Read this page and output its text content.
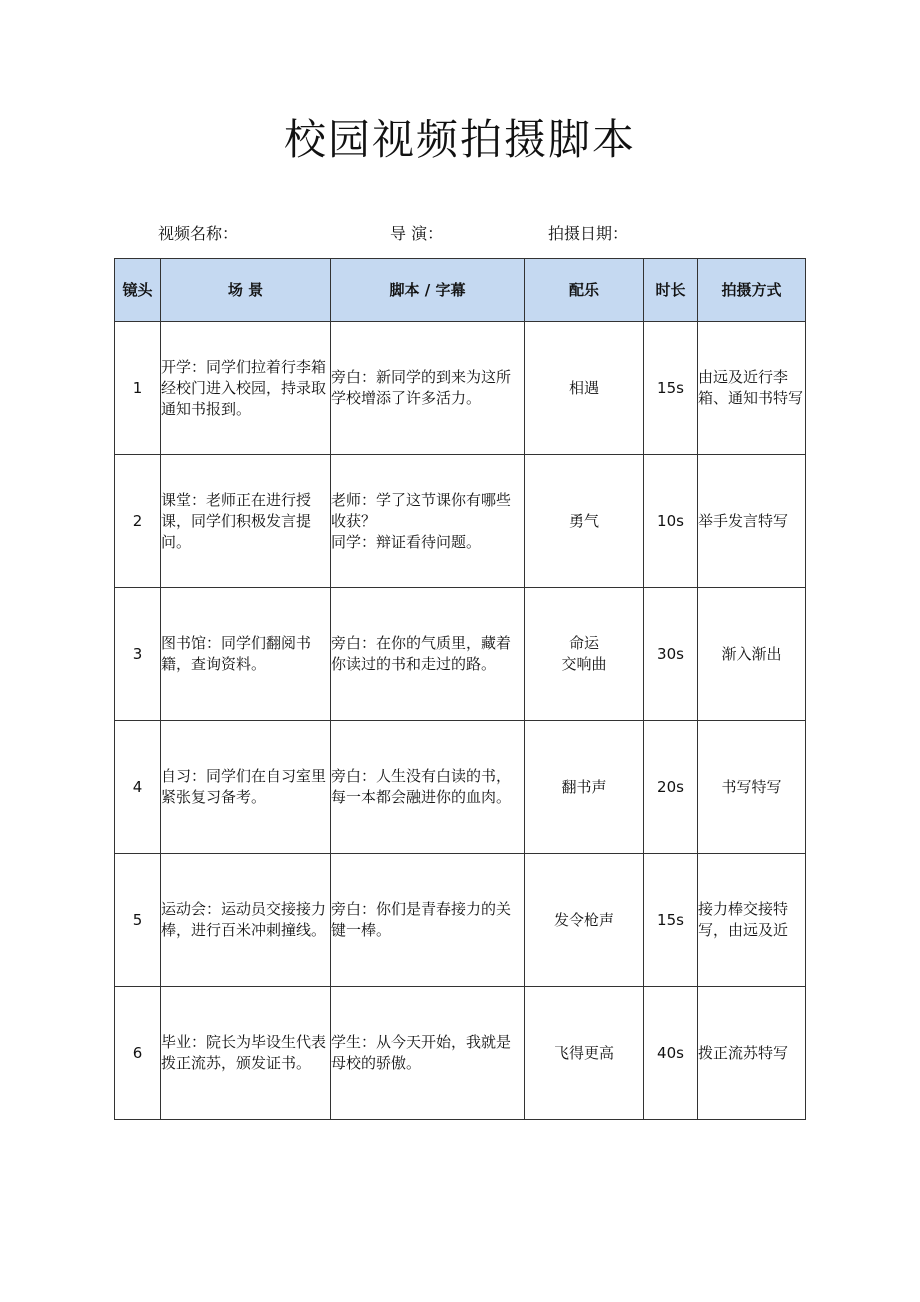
校园视频拍摄脚本
视频名称：	导 演：	拍摄日期：
镜头	场 景	脚本 / 字幕	配乐	时长	拍摄方式
1	开学：同学们拉着行李箱经校门进入校园，持录取通知书报到。	旁白：新同学的到来为这所学校增添了许多活力。	相遇	15s	由远及近行李箱、通知书特写

2	课堂：老师正在进行授课，同学们积极发言提问。	老师：学了这节课你有哪些收获？
同学：辩证看待问题。	勇气	10s	举手发言特写

3	图书馆：同学们翻阅书籍，查询资料。	旁白：在你的气质里，藏着你读过的书和走过的路。	命运
交响曲	30s	渐入渐出

4	自习：同学们在自习室里紧张复习备考。	旁白：人生没有白读的书，每一本都会融进你的血肉。	翻书声	20s	书写特写

5	运动会：运动员交接接力棒，进行百米冲刺撞线。	旁白：你们是青春接力的关键一棒。	发令枪声	15s	接力棒交接特写，由远及近

6	毕业：院长为毕设生代表拨正流苏，颁发证书。	学生：从今天开始，我就是母校的骄傲。	飞得更高	40s	拨正流苏特写
